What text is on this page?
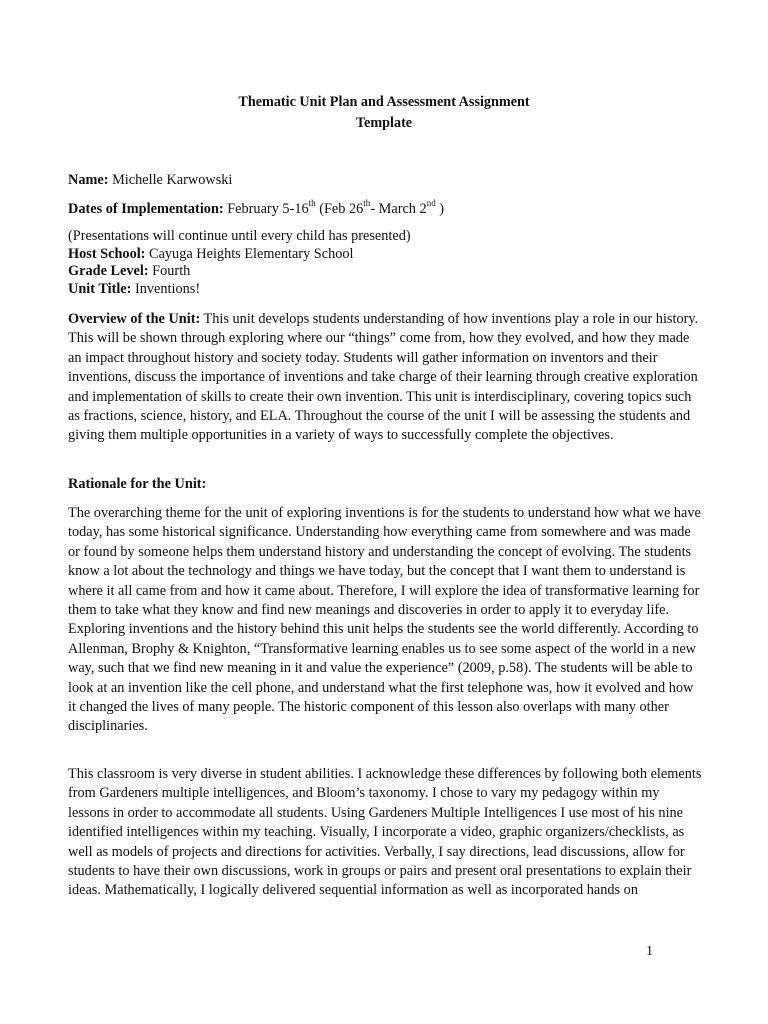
Thematic Unit Plan and Assessment Assignment
Template
Name: Michelle Karwowski
Dates of Implementation: February 5-16th (Feb 26th- March 2nd )

(Presentations will continue until every child has presented)

Host School: Cayuga Heights Elementary School

Grade Level: Fourth

Unit Title: Inventions!

Overview of the Unit: This unit develops students understanding of how inventions play a role in our history. This will be shown through exploring where our “things” come from, how they evolved, and how they made an impact throughout history and society today. Students will gather information on inventors and their inventions, discuss the importance of inventions and take charge of their learning through creative exploration and implementation of skills to create their own invention. This unit is interdisciplinary, covering topics such as fractions, science, history, and ELA. Throughout the course of the unit I will be assessing the students and giving them multiple opportunities in a variety of ways to successfully complete the objectives.

Rationale for the Unit:

The overarching theme for the unit of exploring inventions is for the students to understand how what we have today, has some historical significance. Understanding how everything came from somewhere and was made or found by someone helps them understand history and understanding the concept of evolving. The students know a lot about the technology and things we have today, but the concept that I want them to understand is where it all came from and how it came about. Therefore, I will explore the idea of transformative learning for them to take what they know and find new meanings and discoveries in order to apply it to everyday life. Exploring inventions and the history behind this unit helps the students see the world differently. According to Allenman, Brophy & Knighton, “Transformative learning enables us to see some aspect of the world in a new way, such that we find new meaning in it and value the experience” (2009, p.58). The students will be able to look at an invention like the cell phone, and understand what the first telephone was, how it evolved and how it changed the lives of many people. The historic component of this lesson also overlaps with many other disciplinaries.

This classroom is very diverse in student abilities. I acknowledge these differences by following both elements from Gardeners multiple intelligences, and Bloom’s taxonomy. I chose to vary my pedagogy within my lessons in order to accommodate all students. Using Gardeners Multiple Intelligences I use most of his nine identified intelligences within my teaching. Visually, I incorporate a video, graphic organizers/checklists, as well as models of projects and directions for activities. Verbally, I say directions, lead discussions, allow for students to have their own discussions, work in groups or pairs and present oral presentations to explain their ideas. Mathematically, I logically delivered sequential information as well as incorporated hands on

1
